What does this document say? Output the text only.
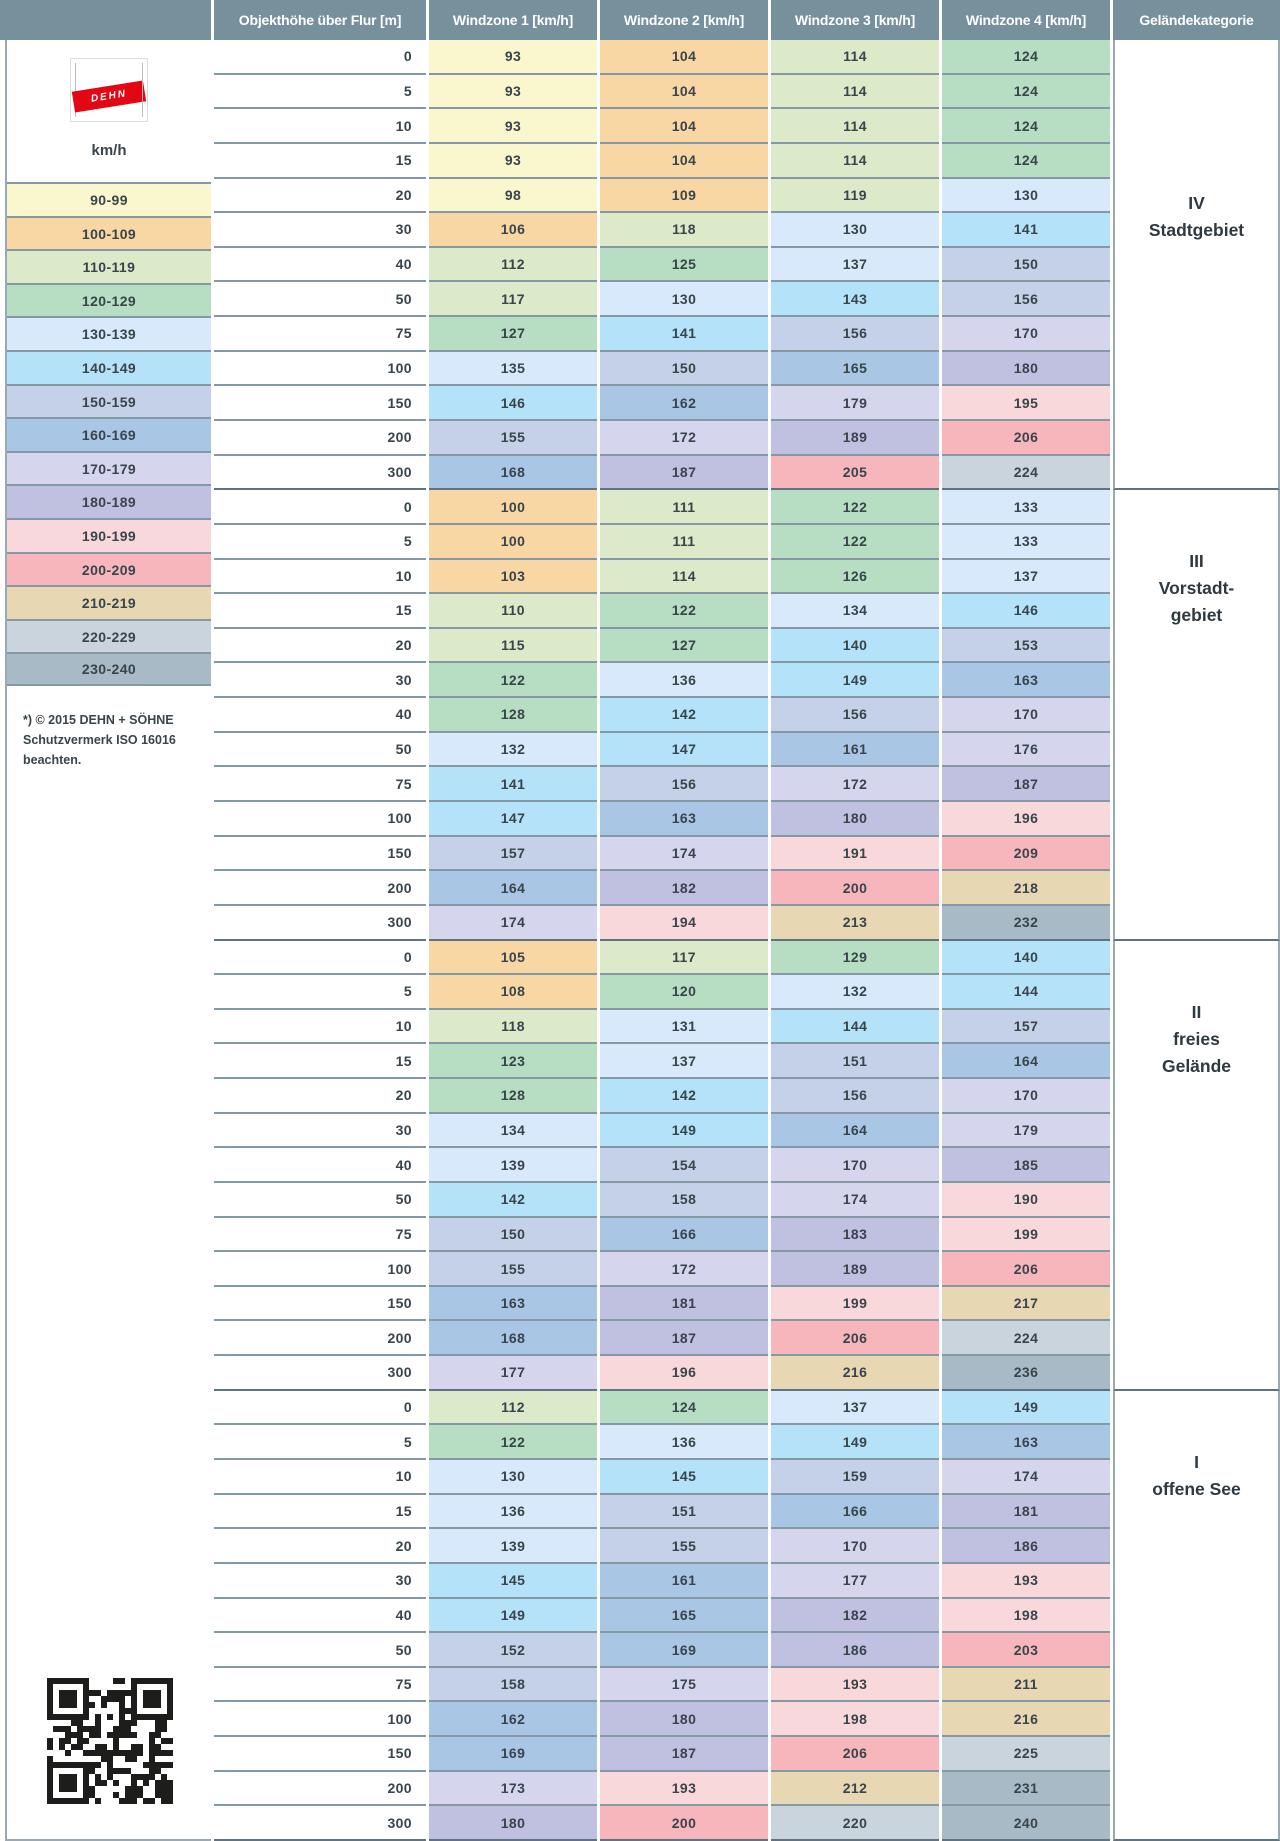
Objekthöhe über Flur [m]	Windzone 1 [km/h]	Windzone 2 [km/h]	Windzone 3 [km/h]	Windzone 4 [km/h]	Geländekategorie
DEHN
km/h
90-99
100-109
110-119
120-129
130-139
140-149
150-159
160-169
170-179
180-189
190-199
200-209
210-219
220-229
230-240
*) © 2015 DEHN + SÖHNE
Schutzvermerk ISO 16016
beachten.
0	93	104	114	124
5	93	104	114	124
10	93	104	114	124
15	93	104	114	124
20	98	109	119	130
30	106	118	130	141
40	112	125	137	150
50	117	130	143	156
75	127	141	156	170
100	135	150	165	180
150	146	162	179	195
200	155	172	189	206
300	168	187	205	224
IV
Stadtgebiet
0	100	111	122	133
5	100	111	122	133
10	103	114	126	137
15	110	122	134	146
20	115	127	140	153
30	122	136	149	163
40	128	142	156	170
50	132	147	161	176
75	141	156	172	187
100	147	163	180	196
150	157	174	191	209
200	164	182	200	218
300	174	194	213	232
III
Vorstadt-
gebiet
0	105	117	129	140
5	108	120	132	144
10	118	131	144	157
15	123	137	151	164
20	128	142	156	170
30	134	149	164	179
40	139	154	170	185
50	142	158	174	190
75	150	166	183	199
100	155	172	189	206
150	163	181	199	217
200	168	187	206	224
300	177	196	216	236
II
freies
Gelände
0	112	124	137	149
5	122	136	149	163
10	130	145	159	174
15	136	151	166	181
20	139	155	170	186
30	145	161	177	193
40	149	165	182	198
50	152	169	186	203
75	158	175	193	211
100	162	180	198	216
150	169	187	206	225
200	173	193	212	231
300	180	200	220	240
I
offene See
